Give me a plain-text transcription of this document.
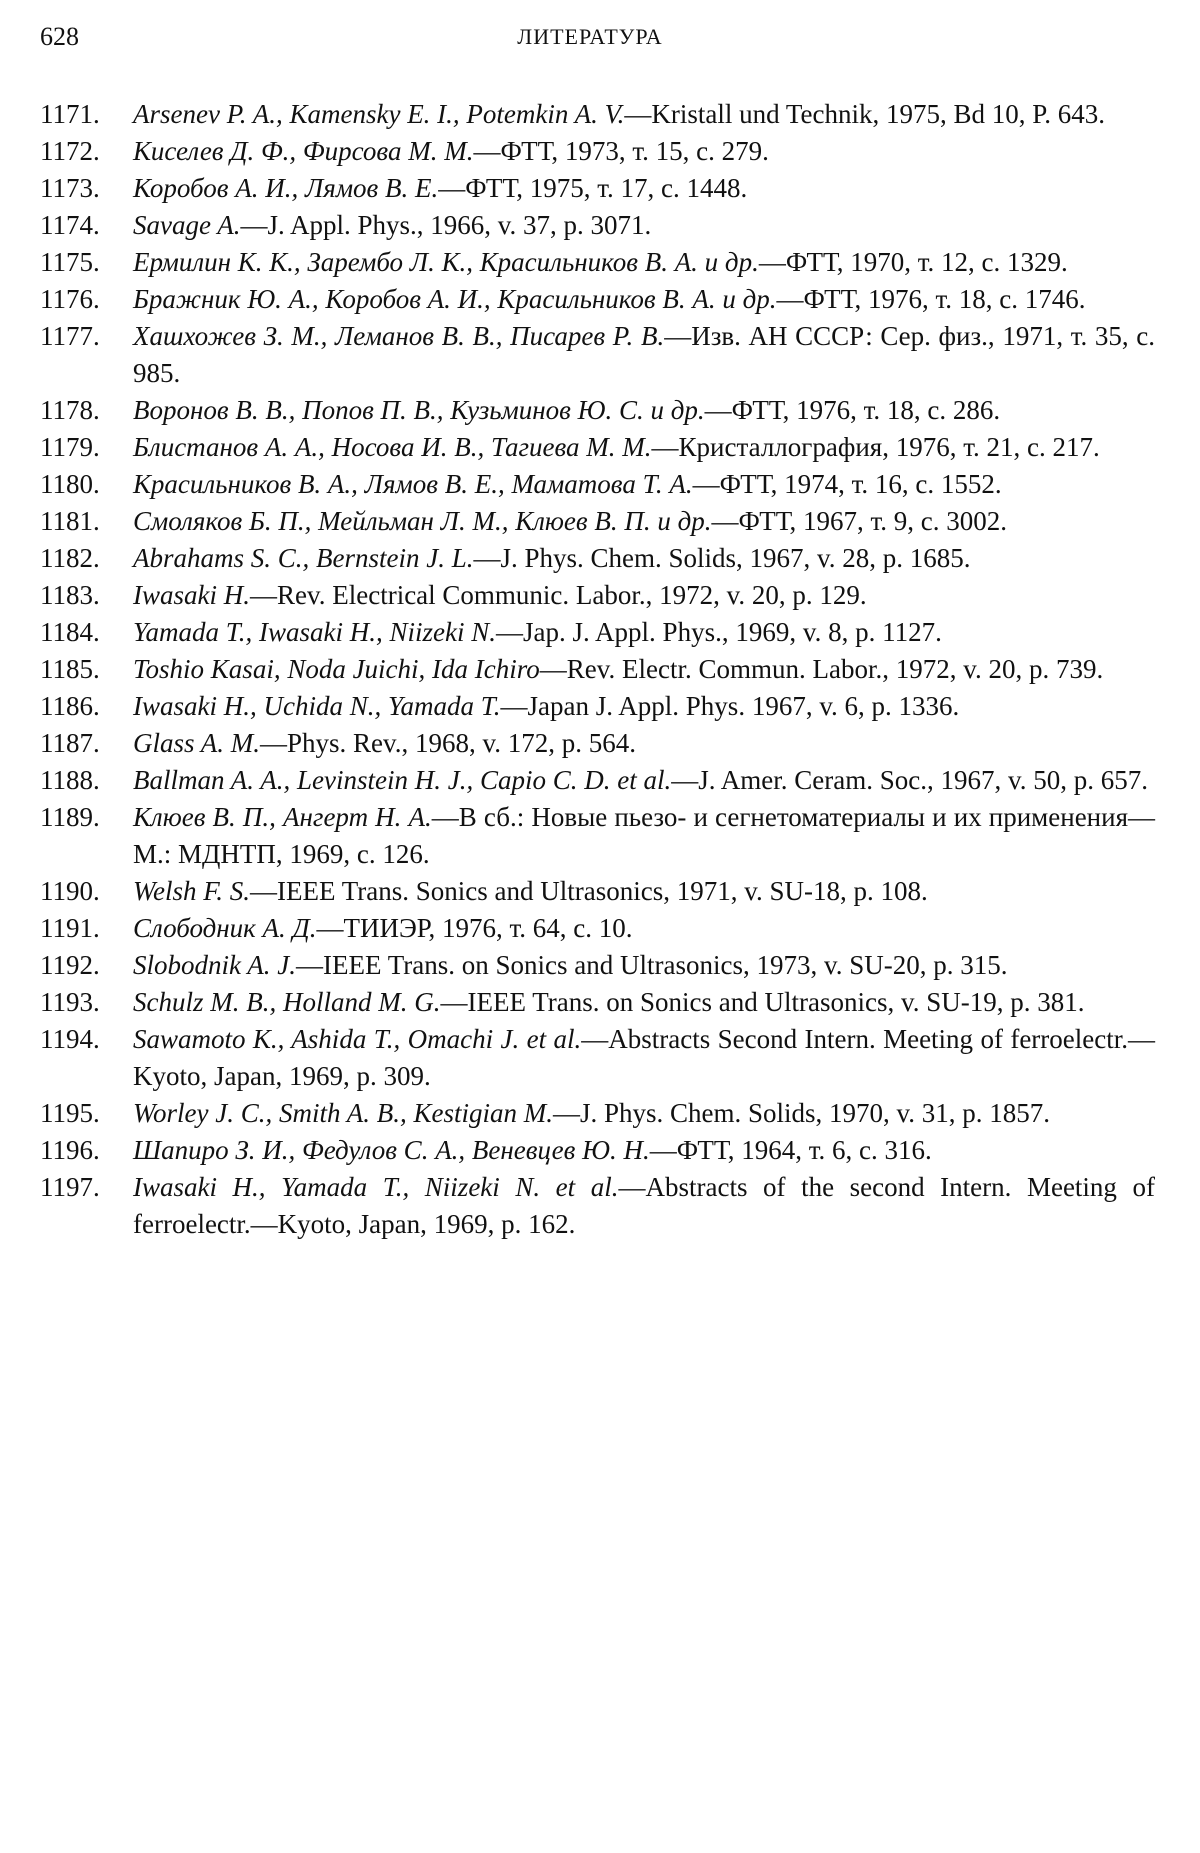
628	ЛИТЕРАТУРА
1171.	Arsenev P. A., Kamensky E. I., Potemkin A. V.—Kristall und Technik, 1975, Bd 10, P. 643.
1172.	Киселев Д. Ф., Фирсова М. М.—ФТТ, 1973, т. 15, с. 279.
1173.	Коробов А. И., Лямов В. Е.—ФТТ, 1975, т. 17, с. 1448.
1174.	Savage A.—J. Appl. Phys., 1966, v. 37, p. 3071.
1175.	Ермилин К. К., Зарембо Л. К., Красильников В. А. и др.—ФТТ, 1970, т. 12, с. 1329.
1176.	Бражник Ю. А., Коробов А. И., Красильников В. А. и др.—ФТТ, 1976, т. 18, с. 1746.
1177.	Хашхожев З. М., Леманов В. В., Писарев Р. В.—Изв. АН СССР: Сер. физ., 1971, т. 35, с. 985.
1178.	Воронов В. В., Попов П. В., Кузьминов Ю. С. и др.—ФТТ, 1976, т. 18, с. 286.
1179.	Блистанов А. А., Носова И. В., Тагиева М. М.—Кристаллография, 1976, т. 21, с. 217.
1180.	Красильников В. А., Лямов В. Е., Маматова Т. А.—ФТТ, 1974, т. 16, с. 1552.
1181.	Смоляков Б. П., Мейльман Л. М., Клюев В. П. и др.—ФТТ, 1967, т. 9, с. 3002.
1182.	Abrahams S. C., Bernstein J. L.—J. Phys. Chem. Solids, 1967, v. 28, p. 1685.
1183.	Iwasaki H.—Rev. Electrical Communic. Labor., 1972, v. 20, p. 129.
1184.	Yamada T., Iwasaki H., Niizeki N.—Jap. J. Appl. Phys., 1969, v. 8, p. 1127.
1185.	Toshio Kasai, Noda Juichi, Ida Ichiro—Rev. Electr. Commun. Labor., 1972, v. 20, p. 739.
1186.	Iwasaki H., Uchida N., Yamada T.—Japan J. Appl. Phys. 1967, v. 6, p. 1336.
1187.	Glass A. M.—Phys. Rev., 1968, v. 172, p. 564.
1188.	Ballman A. A., Levinstein H. J., Capio C. D. et al.—J. Amer. Ceram. Soc., 1967, v. 50, p. 657.
1189.	Клюев В. П., Ангерт Н. А.—В сб.: Новые пьезо- и сегнетоматериалы и их применения—М.: МДНТП, 1969, с. 126.
1190.	Welsh F. S.—IEEE Trans. Sonics and Ultrasonics, 1971, v. SU-18, p. 108.
1191.	Слободник А. Д.—ТИИЭР, 1976, т. 64, с. 10.
1192.	Slobodnik A. J.—IEEE Trans. on Sonics and Ultrasonics, 1973, v. SU-20, p. 315.
1193.	Schulz M. B., Holland M. G.—IEEE Trans. on Sonics and Ultrasonics, v. SU-19, p. 381.
1194.	Sawamoto K., Ashida T., Omachi J. et al.—Abstracts Second Intern. Meeting of ferroelectr.—Kyoto, Japan, 1969, p. 309.
1195.	Worley J. C., Smith A. B., Kestigian M.—J. Phys. Chem. Solids, 1970, v. 31, p. 1857.
1196.	Шапиро З. И., Федулов С. А., Веневцев Ю. Н.—ФТТ, 1964, т. 6, с. 316.
1197.	Iwasaki H., Yamada T., Niizeki N. et al.—Abstracts of the second Intern. Meeting of ferroelectr.—Kyoto, Japan, 1969, p. 162.
